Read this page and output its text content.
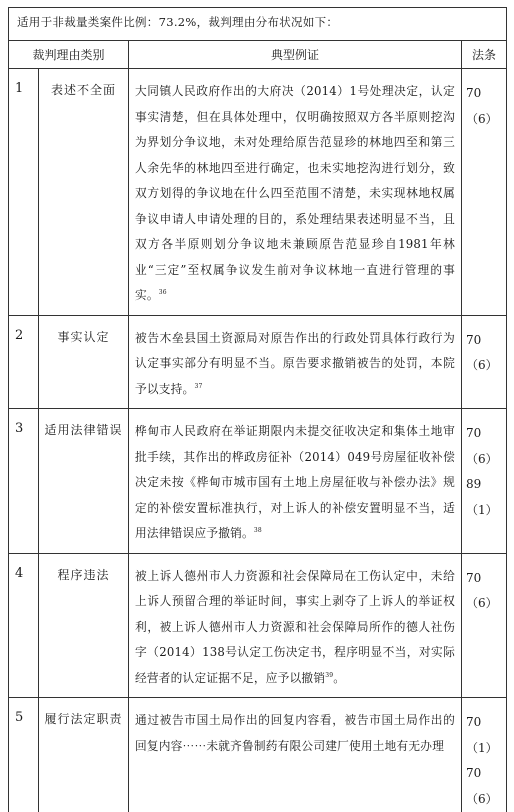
适用于非裁量类案件比例：73.2%，裁判理由分布状况如下：			
裁判理由类别		典型例证	法条
1	表述不全面	大同镇人民政府作出的大府决（2014）1号处理决定，认定事实清楚，但在具体处理中，仅明确按照双方各半原则挖沟为界划分争议地，未对处理给原告范显珍的林地四至和第三人余先华的林地四至进行确定，也未实地挖沟进行划分，致双方划得的争议地在什么四至范围不清楚，未实现林地权属争议申请人申请处理的目的，系处理结果表述明显不当，且双方各半原则划分争议地未兼顾原告范显珍自1981年林业“三定”至权属争议发生前对争议林地一直进行管理的事实。$^{36}$	70（6）

2	事实认定	被告木垒县国土资源局对原告作出的行政处罚具体行政行为认定事实部分有明显不当。原告要求撤销被告的处罚，本院予以支持。$^{37}$	70（6）

3	适用法律错误	桦甸市人民政府在举证期限内未提交征收决定和集体土地审批手续，其作出的桦政房征补（2014）049号房屋征收补偿决定未按《桦甸市城市国有土地上房屋征收与补偿办法》规定的补偿安置标准执行，对上诉人的补偿安置明显不当，适用法律错误应予撤销。$^{38}$	70（6）
89（1）

4	程序违法	被上诉人德州市人力资源和社会保障局在工伤认定中，未给上诉人预留合理的举证时间，事实上剥夺了上诉人的举证权利，被上诉人德州市人力资源和社会保障局所作的德人社伤字（2014）138号认定工伤决定书，程序明显不当，对实际经营者的认定证据不足，应予以撤销$^{39}$。	70（6）

5	履行法定职责	通过被告市国土局作出的回复内容看，被告市国土局作出的回复内容⋯⋯未就齐鲁制药有限公司建厂使用土地有无办理	70（1）
70（6）
